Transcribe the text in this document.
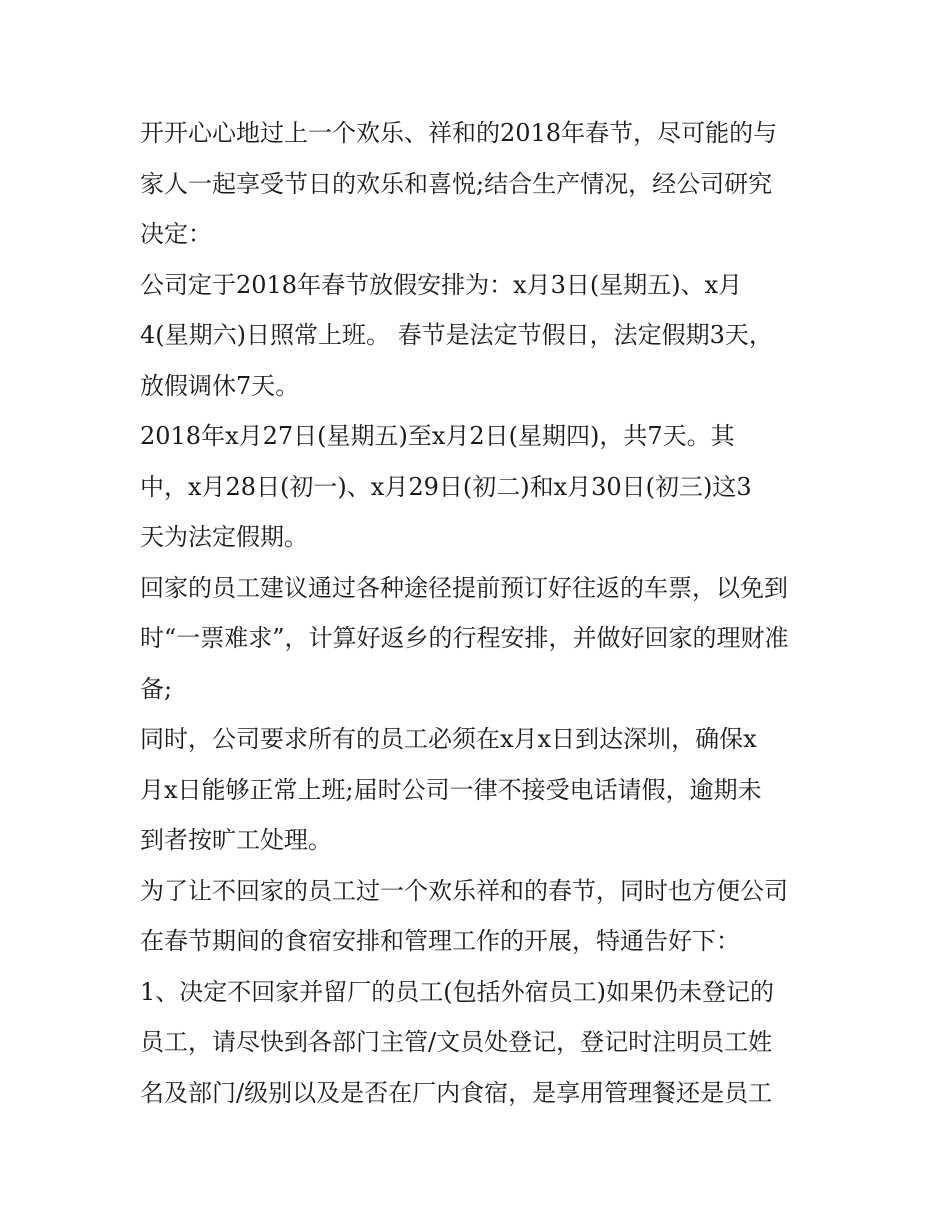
开开心心地过上一个欢乐、祥和的2018年春节，尽可能的与
家人一起享受节日的欢乐和喜悦;结合生产情况，经公司研究
决定：
公司定于2018年春节放假安排为：x月3日(星期五)、x月
4(星期六)日照常上班。 春节是法定节假日，法定假期3天，
放假调休7天。
2018年x月27日(星期五)至x月2日(星期四)，共7天。其
中，x月28日(初一)、x月29日(初二)和x月30日(初三)这3
天为法定假期。
回家的员工建议通过各种途径提前预订好往返的车票，以免到
时“一票难求”，计算好返乡的行程安排，并做好回家的理财准
备;
同时，公司要求所有的员工必须在x月x日到达深圳，确保x
月x日能够正常上班;届时公司一律不接受电话请假，逾期未
到者按旷工处理。
为了让不回家的员工过一个欢乐祥和的春节，同时也方便公司
在春节期间的食宿安排和管理工作的开展，特通告好下：
1、决定不回家并留厂的员工(包括外宿员工)如果仍未登记的
员工，请尽快到各部门主管/文员处登记，登记时注明员工姓
名及部门/级别以及是否在厂内食宿，是享用管理餐还是员工
